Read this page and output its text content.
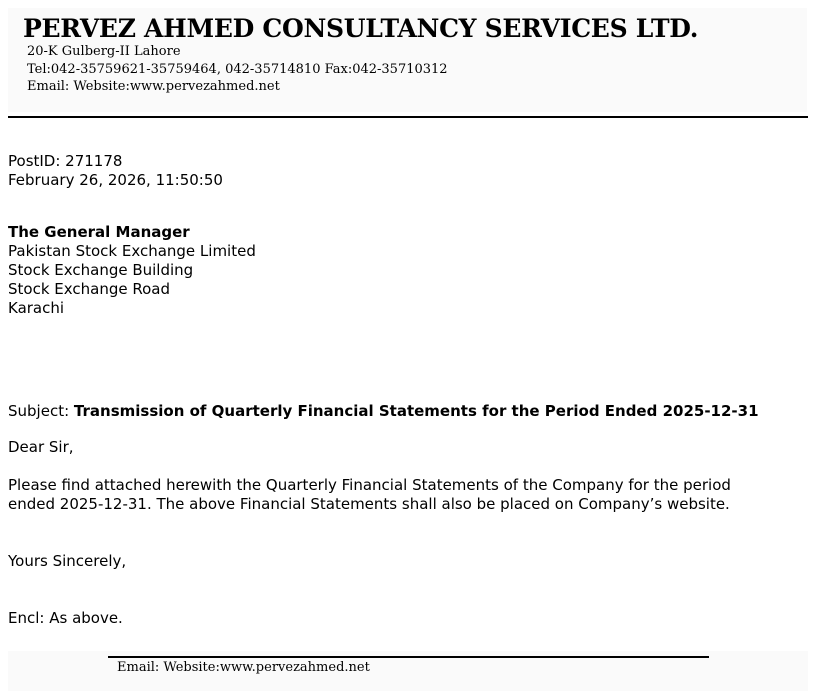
PERVEZ AHMED CONSULTANCY SERVICES LTD.
20-K Gulberg-II Lahore
Tel:042-35759621-35759464, 042-35714810 Fax:042-35710312
Email: Website:www.pervezahmed.net
PostID: 271178
February 26, 2026, 11:50:50
The General Manager
Pakistan Stock Exchange Limited
Stock Exchange Building
Stock Exchange Road
Karachi
Subject: Transmission of Quarterly Financial Statements for the Period Ended 2025-12-31
Dear Sir,
Please find attached herewith the Quarterly Financial Statements of the Company for the period
ended 2025-12-31. The above Financial Statements shall also be placed on Company’s website.
Yours Sincerely,
Encl: As above.
Email: Website:www.pervezahmed.net
